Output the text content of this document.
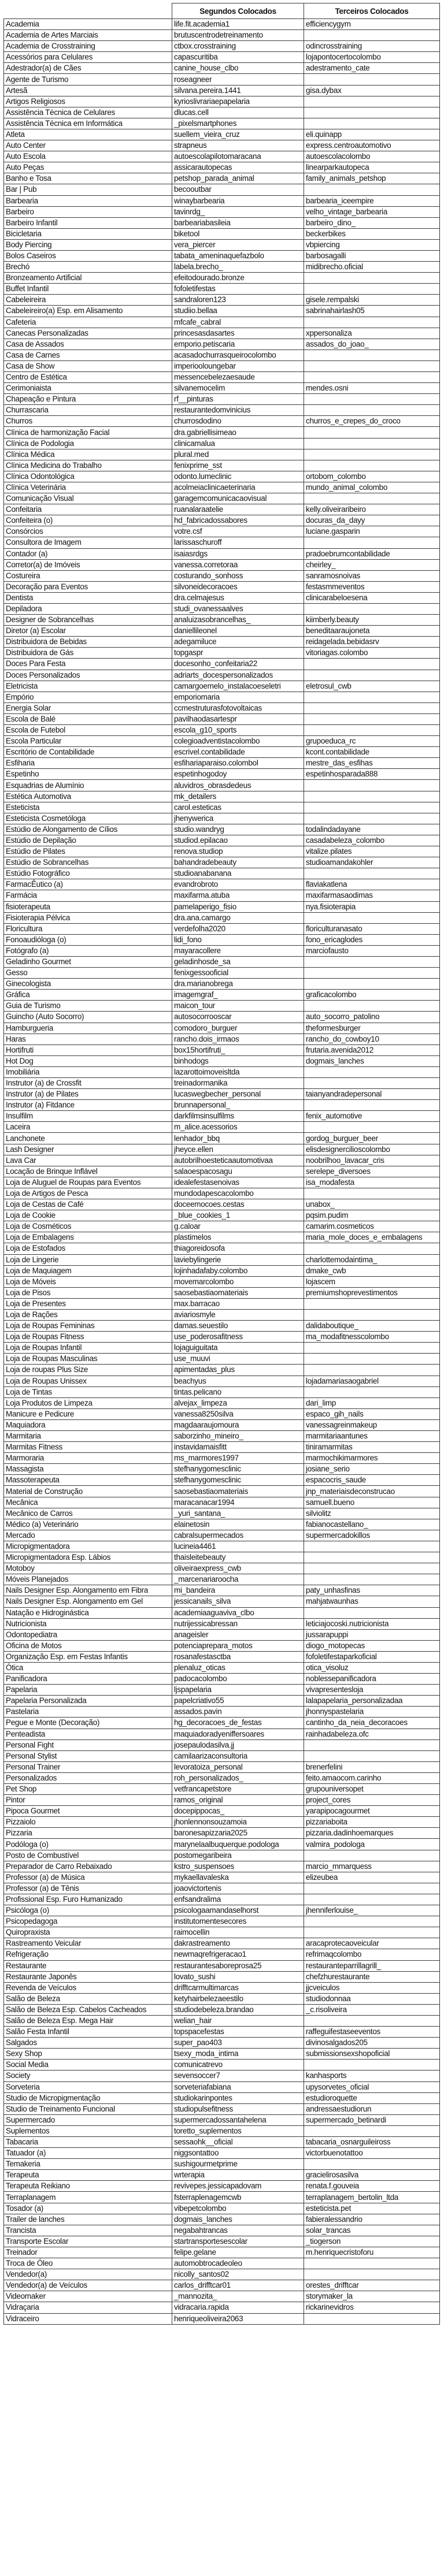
	Segundos Colocados	Terceiros Colocados
Academia	life.fit.academia1	efficiencygym
Academia de Artes Marciais	brutuscentrodetreinamento	
Academia de Crosstraining	ctbox.crosstraining	odincrosstraining
Acessórios para Celulares	capascuritiba	lojapontocertocolombo
Adestrador(a) de Cães	canine_house_clbo	adestramento_cate
Agente de Turismo	roseagneer	
Artesã	silvana.pereira.1441	gisa.dybax
Artigos Religiosos	kyrioslivrariaepapelaria	
Assistência Técnica de Celulares	dlucas.cell	
Assistência Técnica em Informática	_pixelsmartphones	
Atleta	suellem_vieira_cruz	eli.quinapp
Auto Center	strapneus	express.centroautomotivo
Auto Escola	autoescolapilotomaracana	autoescolacolombo
Auto Peças	assicarautopecas	linearparkautopeca
Banho e Tosa	petshop_parada_animal	family_animals_petshop
Bar | Pub	becooutbar	
Barbearia	winaybarbearia	barbearia_iceempire
Barbeiro	tavinrdg_	velho_vintage_barbearia
Barbeiro Infantil	barbeariabasileia	barbeiro_dino_
Bicicletaria	biketool	beckerbikes
Body Piercing	vera_piercer	vbpiercing
Bolos Caseiros	tabata_ameninaquefazbolo	barbosagalli
Brechó	labela.brecho_	midibrecho.oficial
Bronzeamento Artificial	efeitodourado.bronze	
Buffet Infantil	fofoletifestas	
Cabeleireira	sandraloren123	gisele.rempalski
Cabeleireiro(a) Esp. em Alisamento	studiio.bellaa	sabrinahairlash05
Cafeteria	mfcafe_cabral	
Canecas Personalizadas	princesasdasartes	xppersonaliza
Casa de Assados	emporio.petiscaria	assados_do_joao_
Casa de Carnes	acasadochurrasqueirocolombo	
Casa de Show	imperiooloungebar	
Centro de Estética	messencebelezaesaude	
Cerimoniaista	silvanemocelim	mendes.osni
Chapeação e Pintura	rf__pinturas	
Churrascaria	restaurantedomvinicius	
Churros	churrosdodino	churros_e_crepes_do_croco
Clínica de harmonização Facial	dra.gabriellisimeao	
Clínica de Podologia	clinicamalua	
Clínica Médica	plural.med	
Clínica Medicina do Trabalho	fenixprime_sst	
Clínica Odontológica	odonto.lumeclinic	ortobom_colombo
Clínica Veterinária	acolmeiaclinicaeterinaria	mundo_animal_colombo
Comunicação Visual	garagemcomunicacaovisual	
Confeitaria	ruanalaraatelie	kelly.oliveiraribeiro
Confeiteira (o)	hd_fabricadossabores	docuras_da_dayy
Consórcios	votre.csf	luciane.gasparin
Consultora de Imagem	larissaschuroff	
Contador (a)	isaiasrdgs	pradoebrumcontabilidade
Corretor(a) de Imóveis	vanessa.corretoraa	cheirley_
Costureira	costurando_sonhoss	sanramosnoivas
Decoração para Eventos	silvoneidecoracoes	festasmmeventos
Dentista	dra.celmajesus	clinicarabeloesena
Depiladora	studi_ovanessaalves	
Designer de Sobrancelhas	analuizasobrancelhas_	kiimberly.beauty
Diretor (a) Escolar	daniellileonel	beneditaaraujoneta
Distribuidora de Bebidas	adegamiluce	reidagelada.bebidasrv
Distribuidora de Gás	topgaspr	vitoriagas.colombo
Doces Para Festa	docesonho_confeitaria22	
Doces Personalizados	adriarts_docespersonalizados	
Eletricista	camargoemelo_instalacoeseletri	eletrosul_cwb
Empório	emporiomaria	
Energia Solar	ccmestruturasfotovoltaicas	
Escola de Balé	pavilhaodasartespr	
Escola de Futebol	escola_g10_sports	
Escola Particular	colegioadventistacolombo	grupoeduca_rc
Escritório de Contabilidade	escrivel.contabilidade	kcont.contabilidade
Esfiharia	esfihariaparaiso.colombol	mestre_das_esfihas
Espetinho	espetinhogodoy	espetinhosparada888
Esquadrias de Alumínio	aluvidros_obrasdedeus	
Estética Automotiva	mk_detailers	
Esteticista	carol.esteticas	
Esteticista Cosmetóloga	jhenywerica	
Estúdio de Alongamento de Cílios	studio.wandryg	todalindadayane
Estúdio de Depilação	studiod.epilacao	casadabeleza_colombo
Estúdio de Pilates	renova.studiop	vitalize.pilates
Estúdio de Sobrancelhas	bahandradebeauty	studioamandakohler
Estúdio Fotográfico	studioanabanana	
FarmacÊutico (a)	evandrobroto	flaviakatlena
Farmácia	maxifarma.atuba	maxifarmasaodimas
fisioterapeuta	pamelaperigo_fisio	nya.fisioterapia
Fisioterapia Pélvica	dra.ana.camargo	
Floricultura	verdefolha2020	floriculturanasato
Fonoaudióloga (o)	lidi_fono	fono_ericaglodes
Fotógrafo (a)	mayaracollere	marciofausto
Geladinho Gourmet	geladinhosde_sa	
Gesso	fenixgessooficial	
Ginecologista	dra.marianobrega	
Gráfica	imagemgraf_	graficacolombo
Guia de Turismo	maicon_tour	
Guincho (Auto Socorro)	autosocorrooscar	auto_socorro_patolino
Hamburgueria	comodoro_burguer	theformesburger
Haras	rancho.dois_irmaos	rancho_do_cowboy10
Hortifruti	box15hortifruti_	frutaria.avenida2012
Hot Dog	binhodogs	dogmais_lanches
Imobiliária	lazarottoimoveisltda	
Instrutor (a) de Crossfit	treinadormanika	
Instrutor (a) de Pilates	lucaswegbecher_personal	taianyandradepersonal
Instrutor (a) Fitdance	brunnapersonal_	
Insulfilm	darkfilmsinsulfilms	fenix_automotive
Laceira	m_alice.acessorios	
Lanchonete	lenhador_bbq	gordog_burguer_beer
Lash Designer	jheyce.ellen	elisdesignercilioscolombo
Lava Car	autobrilhoesteticaautomotivaa	noobrilhoo_lavacar_cris
Locação de Brinque Inflável	salaoespacosagu	serelepe_diversoes
Loja de Aluguel de Roupas para Eventos	idealefestasenoivas	isa_modafesta
Loja de Artigos de Pesca	mundodapescacolombo	
Loja de Cestas de Café	doceemocoes.cestas	unabox_
Loja de Cookie	_blue_cookies_1	pqsim.pudim
Loja de Cosméticos	g.caloar	camarim.cosmeticos
Loja de Embalagens	plastimelos	maria_mole_doces_e_embalagens
Loja de Estofados	thiagoreidosofa	
Loja de Lingerie	laviebylingerie	charlottemodaintima_
Loja de Maquiagem	lojinhadafaby.colombo	dmake_cwb
Loja de Móveis	movemarcolombo	lojascem
Loja de Pisos	saosebastiaomateriais	premiumshoprevestimentos
Loja de Presentes	max.barracao	
Loja de Rações	aviariosmyle	
Loja de Roupas Femininas	damas.seuestilo	dalidaboutique_
Loja de Roupas Fitness	use_poderosafitness	ma_modafitnesscolombo
Loja de Roupas Infantil	lojaguiguitata	
Loja de Roupas Masculinas	use_muuvi	
Loja de roupas Plus Size	apimentadas_plus	
Loja de Roupas Unissex	beachyus	lojadamariasaogabriel
Loja de Tintas	tintas.pelicano	
Loja Produtos de Limpeza	alvejax_limpeza	dari_limp
Manicure e Pedicure	vanessa8250silva	espaco_gih_nails
Maquiadora	magdaaraujomoura	vanessagreinmakeup
Marmitaria	saborzinho_mineiro_	marmitariaantunes
Marmitas Fitness	instavidamaisfitt	tiniramarmitas
Marmoraria	ms_marmores1997	marmochikimarmores
Massagista	stefhanygomesclinic	josiane_serio
Massoterapeuta	stefhanygomesclinic	espacocris_saude
Material de Construção	saosebastiaomateriais	jnp_materiaisdeconstrucao
Mecânica	maracanacar1994	samuell.bueno
Mecânico de Carros	_yuri_santana_	silviolitz
Médico (a) Veterinário	elainetosin	fabianocastellano_
Mercado	cabralsupermecados	supermercadokillos
Micropigmentadora	lucineia4461	
Micropigmentadora Esp. Lábios	thaisleitebeauty	
Motoboy	oliveiraexpress_cwb	
Móveis Planejados	_marcenariaroocha	
Nails Designer Esp. Alongamento em Fibra	mi_bandeira	paty_unhasfinas
Nails Designer Esp. Alongamento em Gel	jessicanails_silva	mahjatwaunhas
Natação e Hidroginástica	academiaaguaviva_clbo	
Nutricionista	nutrijessicabressan	leticiajocoski.nutricionista
Odontopediatra	anageisler	jussarapuppi
Oficina de Motos	potenciaprepara_motos	diogo_motopecas
Organização Esp. em Festas Infantis	rosanafestasctba	fofoletifestaparkoficial
Ótica	plenaluz_oticas	otica_visoluz
Panificadora	padocacolombo	noblessepanificadora
Papelaria	ljspapelaria	vivapresentesloja
Papelaria Personalizada	papelcriativo55	lalapapelaria_personalizadaa
Pastelaria	assados.pavin	jhonnyspastelaria
Pegue e Monte (Decoração)	hg_decoracoes_de_festas	cantinho_da_neia_decoracoes
Penteadista	maquiadoradyeniffersoares	rainhadabeleza.ofc
Personal Fight	josepaulodasilva.jj	
Personal Stylist	camilaarizaconsultoria	
Personal Trainer	levoratoiza_personal	brenerfelini
Personalizados	roh_personalizados_	feito.amaocom.carinho
Pet Shop	vetfrancapetstore	grupouniversopet
Pintor	ramos_original	project_cores
Pipoca Gourmet	docepippocas_	yarapipocagourmet
Pizzaiolo	jhonlennonsouzamoia	pizzariaboita
Pizzaria	baronesapizzaria2025	pizzaria.dadinhoemarques
Podóloga (o)	marynelaalbuquerque.podologa	valmira_podologa
Posto de Combustível	postomegaribeira	
Preparador de Carro Rebaixado	kstro_suspensoes	marcio_mmarquess
Professor (a) de Música	mykaellavaleska	elizeubea
Professor (a) de Tênis	joaovictortenis	
Profissional Esp. Furo Humanizado	enfsandralima	
Psicóloga (o)	psicologaamandaselhorst	jhenniferlouise_
Psicopedagoga	institutomentesecores	
Quiropraxista	raimocellin	
Rastreamento Veicular	dakrastreamento	aracaprotecaoveicular
Refrigeração	newmaqrefrigeracao1	refrimaqcolombo
Restaurante	restaurantesaboreprosa25	restauranteparrillagrill_
Restaurante Japonês	lovato_sushi	chefzhurestaurante
Revenda de Veículos	drifftcarmultimarcas	jjcveiculos
Salão de Beleza	ketyhairbelezaeestilo	studiodonnaa
Salão de Beleza Esp. Cabelos Cacheados	studiodebeleza.brandao	_c.risoliveira
Salão de Beleza Esp. Mega Hair	welian_hair	
Salão Festa Infantil	topspacefestas	raffeguifestaseeventos
Salgados	super_pao403	divinosalgados205
Sexy Shop	tsexy_moda_intima	submissionsexshopoficial
Social Media	comunicatrevo	
Society	sevensoccer7	kanhasports
Sorveteria	sorveteriafabiana	upysorvetes_oficial
Studio de Micropigmentação	studiokarinpontes	estudioroquette
Studio de Treinamento Funcional	studiopulsefitness	andressaestudiorun
Supermercado	supermercadossantahelena	supermercado_betinardi
Suplementos	toretto_suplementos	
Tabacaria	sessaohk__oficial	tabacaria_osnarguileiross
Tatuador (a)	niggsontattoo	victorbuenotattoo
Temakeria	sushigourmetprime	
Terapeuta	wrterapia	gracielirosasilva
Terapeuta Reikiano	revivepes.jessicapadovam	renata.f.gouveia
Terraplanagem	fsterraplenagemcwb	terraplanagem_bertolin_ltda
Tosador (a)	vibepetcolombo	esteticista.pet
Trailer de lanches	dogmais_lanches	fabieralessandrio
Trancista	negabahtrancas	solar_trancas
Transporte Escolar	startransportesescolar	_tiogerson
Treinador	felipe.gelane	m.henriquecristoforu
Troca de Óleo	automobtrocadeoleo	
Vendedor(a)	nicolly_santos02	
Vendedor(a) de Veículos	carlos_drifftcar01	orestes_drifftcar
Videomaker	_mannozita_	storymaker_la
Vidraçaria	vidracaria.rapida	rickarinevidros
Vidraceiro	henriqueoliveira2063	
